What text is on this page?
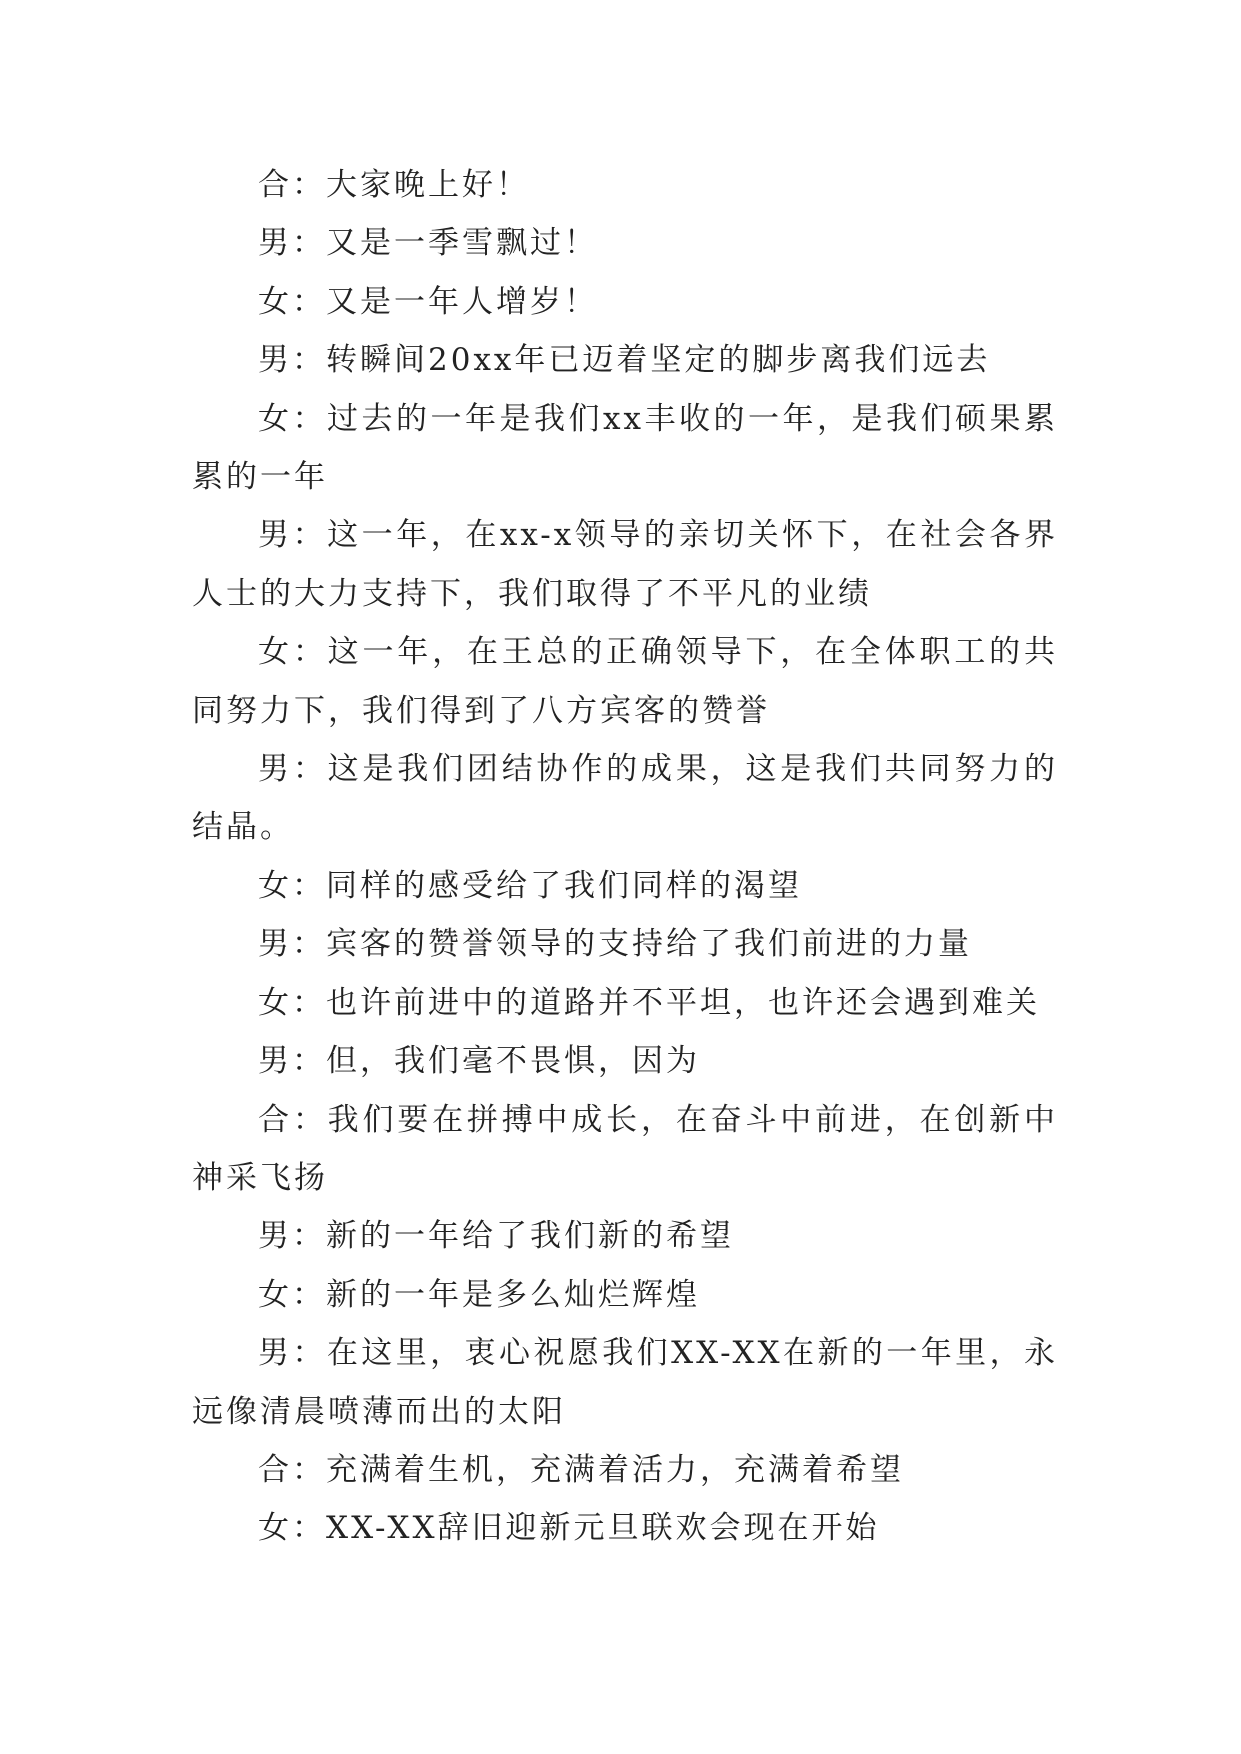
合：大家晚上好！

男：又是一季雪飘过！

女：又是一年人增岁！

男：转瞬间20xx年已迈着坚定的脚步离我们远去

女：过去的一年是我们xx丰收的一年，是我们硕果累累的一年

男：这一年，在xx-x领导的亲切关怀下，在社会各界人士的大力支持下，我们取得了不平凡的业绩

女：这一年，在王总的正确领导下，在全体职工的共同努力下，我们得到了八方宾客的赞誉

男：这是我们团结协作的成果，这是我们共同努力的结晶。

女：同样的感受给了我们同样的渴望

男：宾客的赞誉领导的支持给了我们前进的力量

女：也许前进中的道路并不平坦，也许还会遇到难关

男：但，我们毫不畏惧，因为

合：我们要在拼搏中成长，在奋斗中前进，在创新中神采飞扬

男：新的一年给了我们新的希望

女：新的一年是多么灿烂辉煌

男：在这里，衷心祝愿我们XX-XX在新的一年里，永远像清晨喷薄而出的太阳

合：充满着生机，充满着活力，充满着希望

女：XX-XX辞旧迎新元旦联欢会现在开始
